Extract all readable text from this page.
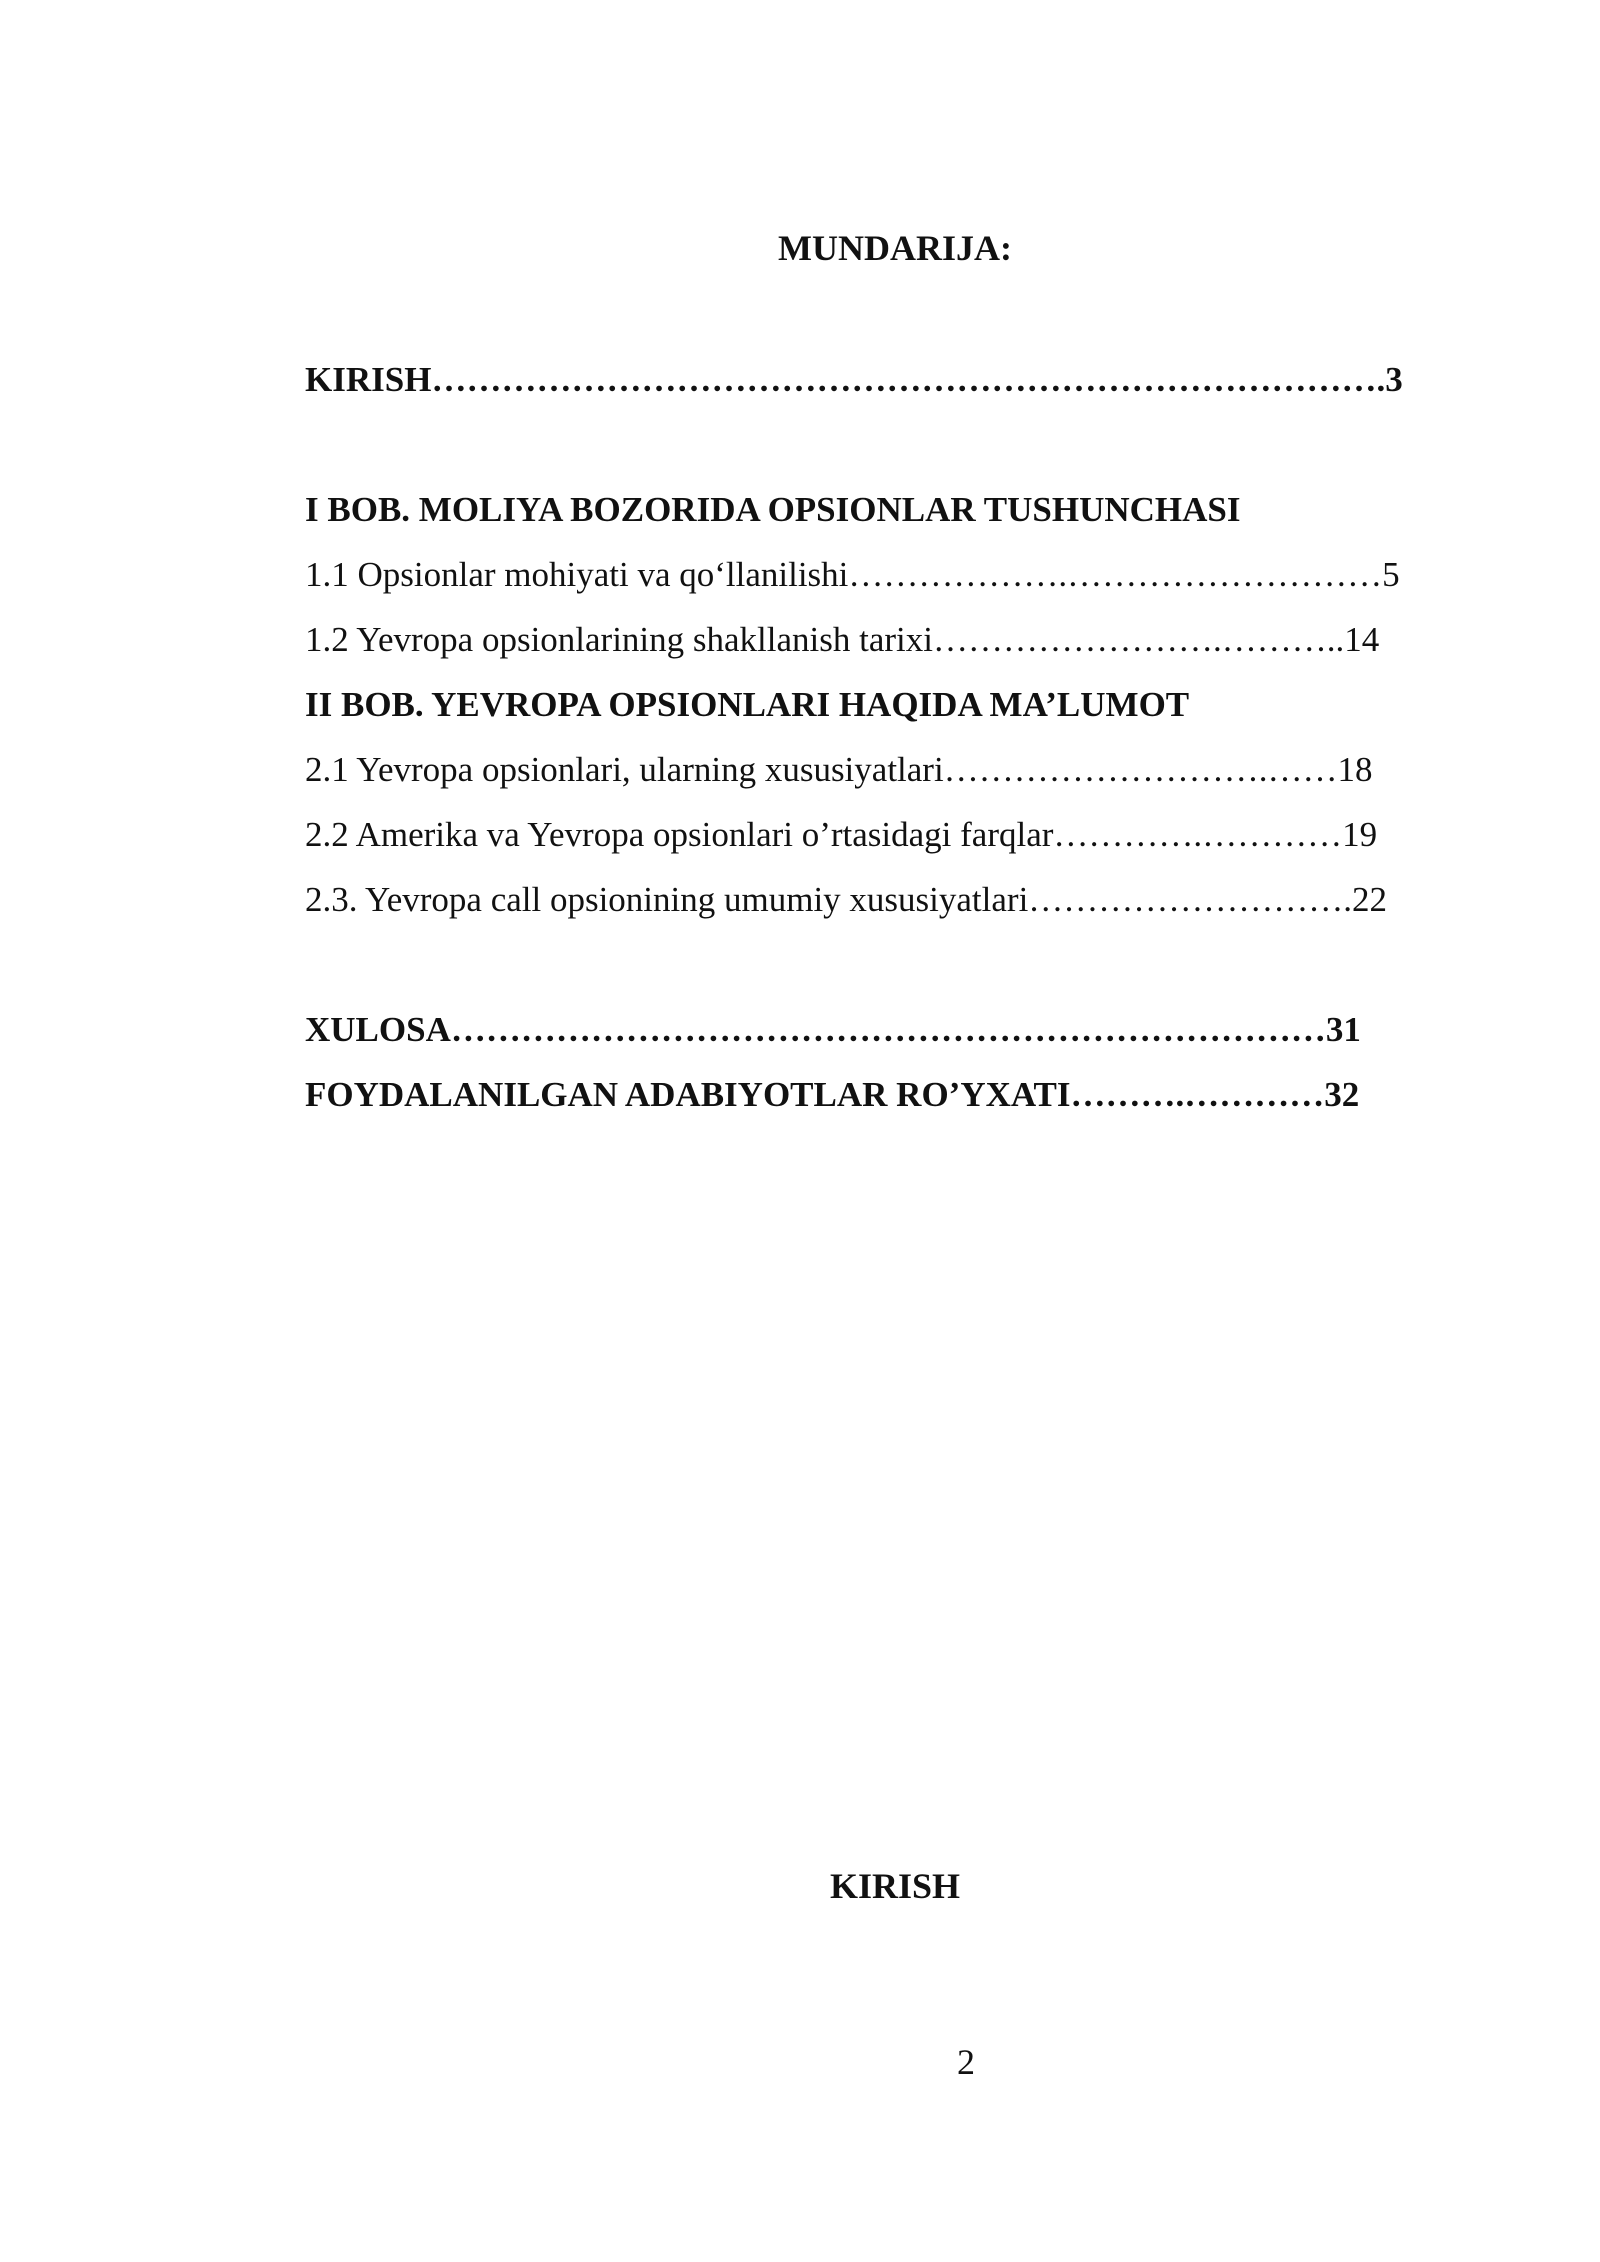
MUNDARIJA:
KIRISH……………………………………………………………………….3
I BOB. MOLIYA BOZORIDA OPSIONLAR TUSHUNCHASI
1.1 Opsionlar mohiyati va qo‘llanilishi……………….………………………5
1.2 Yevropa opsionlarining shakllanish tarixi…………………….………..14
II BOB. YEVROPA OPSIONLARI HAQIDA MA’LUMOT
2.1 Yevropa opsionlari, ularning xususiyatlari……………………….……18
2.2 Amerika va Yevropa opsionlari o’rtasidagi farqlar………….…………19
2.3. Yevropa call opsionining umumiy xususiyatlari……………………….22
XULOSA…………………………………………………………………31
FOYDALANILGAN ADABIYOTLAR RO’YXATI……….…………32
KIRISH
2
